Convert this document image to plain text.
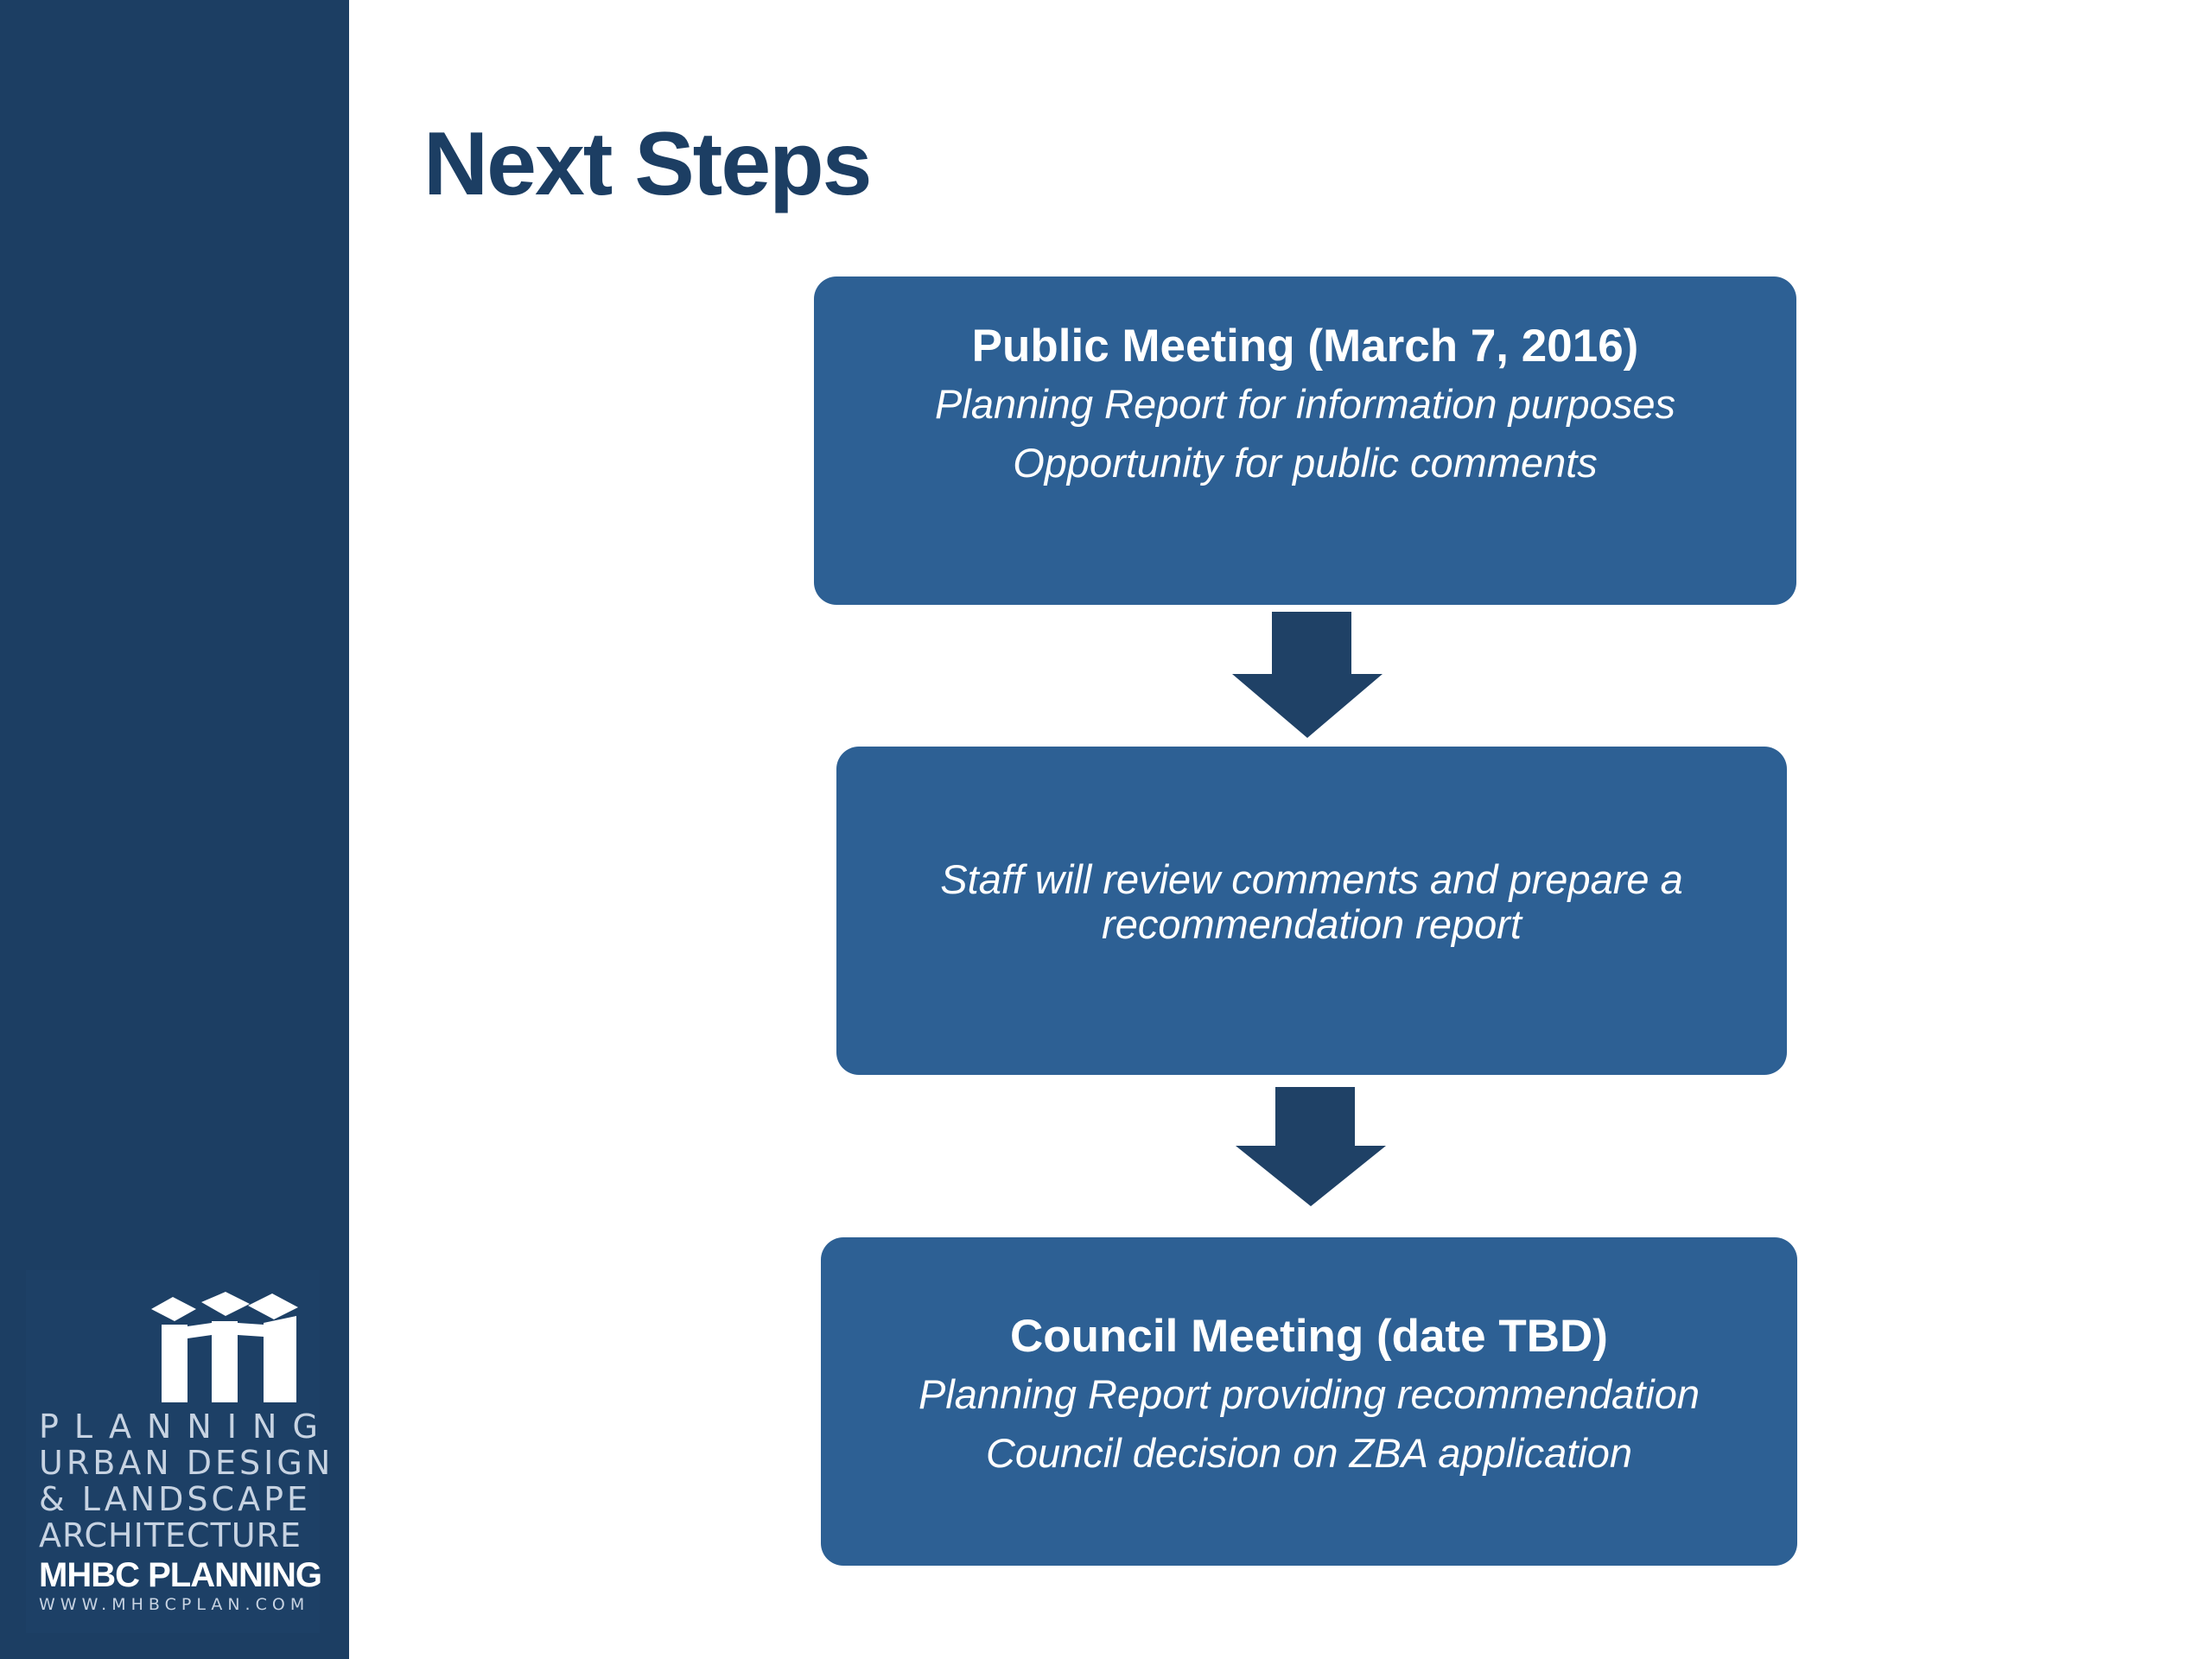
PLANNING
URBAN DESIGN
& LANDSCAPE
ARCHITECTURE
MHBC PLANNING
WWW.MHBCPLAN.COM
Next Steps
Public Meeting (March 7, 2016)
Planning Report for information purposes
Opportunity for public comments
Staff will review comments and prepare a
recommendation report
Council Meeting (date TBD)
Planning Report providing recommendation
Council decision on ZBA application
